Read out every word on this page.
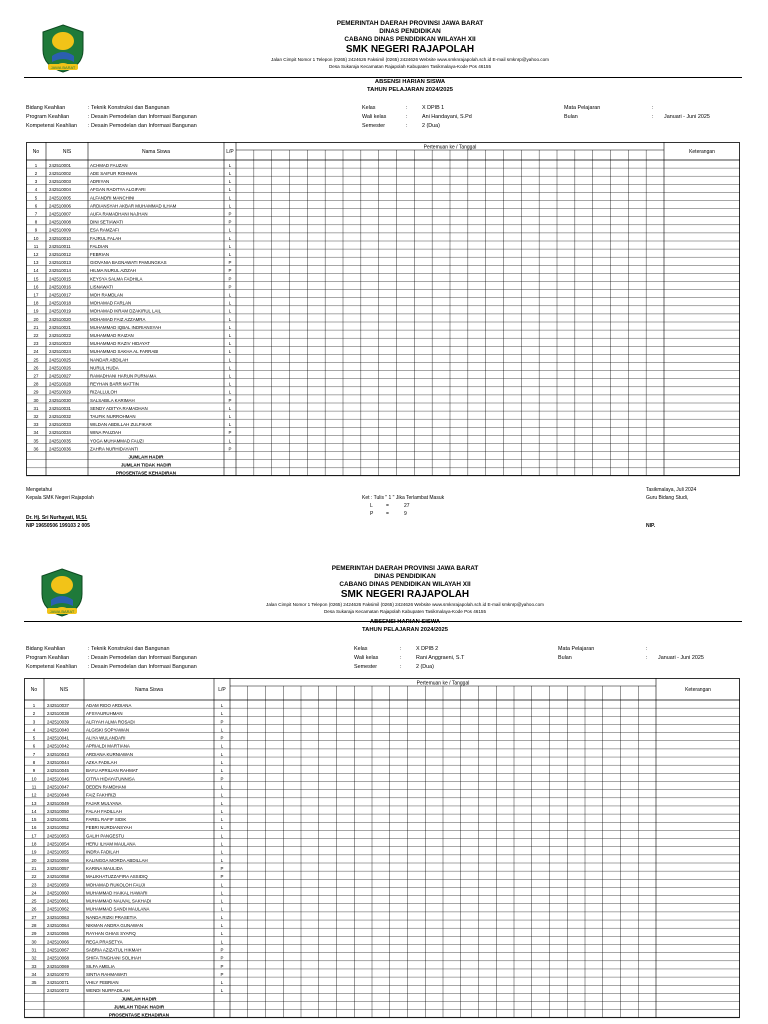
JAWA BARAT
PEMERINTAH DAERAH PROVINSI JAWA BARAT
DINAS PENDIDIKAN
CABANG DINAS PENDIDIKAN WILAYAH XII
SMK NEGERI RAJAPOLAH
Jalan Cimpit Nomor 1 Telepon (0265) 2424626 Faksimil (0265) 2424626 Website www.smknrajapolah.sch.id E-mail smknrp@yahoo.com
Desa Sukaraja Kecamatan Rajapolah Kabupaten Tasikmalaya-Kode Pos 46155
ABSENSI HARIAN SISWA
TAHUN PELAJARAN 2024/2025
Bidang Keahlian	: Teknik Konstruksi dan Bangunan
Program Keahlian	: Desain Pemodelan dan Informasi Bangunan
Kompetensi Keahlian : Desain Pemodelan dan Informasi Bangunan
Kelas	:	X DPIB 1
Wali kelas	:	Ani Handayani, S.Pd
Semester	:	2 (Dua)
Mata Pelajaran	:
Bulan	: Januari - Juni 2025
No	NIS	Nama Siswa	L/P
Pertemuan ke / Tanggal
Keterangan
1	242510001	ACHMAD FAUZAN	L
2	242510002	ADE SAIFUR ROHMAN	L
3	242510003	ADRIYAN	L
4	242510004	AFGAN RADITYA ALGIFARI	L
5	242510005	ALFANDRI MANCHINI	L
6	242510006	ARDIANSYAH AKBAR MUHAMMAD ILHAM	L
7	242510007	AUFA RAMADHANI NAJHAN	P
8	242510008	DINI SETIAWATI	P
9	242510009	ESA RAMZAFI	L
10 242510010	FAJRUL FALAH	L
11 242510011	FALDIAN	L
12 242510012	FEBRIAN	L
13 242510013	GIOVANIA BAGNAWATI PAMUNGKAS	P
14 242510014	HILMA NURUL AZIZAH	P
15 242510015	KEYSYA SALMA FADHILA	P
16 242510016	LISNAWATI	P
17 242510017	MOH RAMDLAN	L
18 242510018	MOHAMAD FARLAN	L
19 242510019	MOHAMAD IKRAM DZAKIRUL LAIL	L
20 242510020	MOHAMAD FAIZ AZZAMRA	L
21 242510021	MUHAMMAD IQBAL INDRIANSYAH	L
22 242510022	MUHAMMAD RAIZAN	L
23 242510023	MUHAMMAD RAZIV HIDAYAT	L
24 242510024	MUHAMMAD SAKHA AL FARRABI	L
25 242510025	NANDAR ABDILAH	L
26 242510026	NURUL HUDA	L
27 242510027	RAMADHANI HARUN PURNAMA	L
28 242510028	REYHAN BARR MATTIN	L
29 242510029	RIZALLULOH	L
30 242510030	SALSABILA KARIMAH	P
31 242510031	SENDY ADITYA RAMADHAN	L
32 242510032	TAUFIK NURROHMAN	L
33 242510033	WILDAN ABDILLAH ZULFIKAR	L
34 242510034	WINA PAUZIAH	P
35 242510035	YOGA MUHAMMAD FAUZI	L
36 242510036	ZAHRA NURHIDAYANTI	P
JUMLAH HADIR
JUMLAH TIDAK HADIR
PROSENTASE KEHADIRAN
Mengetahui
Kepala SMK Negeri Rajapolah
Dr. Hj. Sri Nurhayati, M.Si.
NIP 19650506 199103 2 005
Ket : Tulis " 1 " Jika Terlambat Masuk
L	=	27
P	=	9
Tasikmalaya, Juli 2024
Guru Bidang Studi,
NIP.
JAWA BARAT
PEMERINTAH DAERAH PROVINSI JAWA BARAT
DINAS PENDIDIKAN
CABANG DINAS PENDIDIKAN WILAYAH XII
SMK NEGERI RAJAPOLAH
Jalan Cimpit Nomor 1 Telepon (0265) 2424626 Faksimil (0265) 2424626 Website www.smknrajapolah.sch.id E-mail smknrp@yahoo.com
Desa Sukaraja Kecamatan Rajapolah Kabupaten Tasikmalaya-Kode Pos 46155
ABSENSI HARIAN SISWA
TAHUN PELAJARAN 2024/2025
Bidang Keahlian	: Teknik Konstruksi dan Bangunan
Program Keahlian	: Desain Pemodelan dan Informasi Bangunan
Kompetensi Keahlian : Desain Pemodelan dan Informasi Bangunan
Kelas	:	X DPIB 2
Wali kelas	:	Rani Anggraeni, S.T
Semester	:	2 (Dua)
Mata Pelajaran	:
Bulan	: Januari - Juni 2025
No	NIS	Nama Siswa	L/P
Pertemuan ke / Tanggal
Keterangan
1	242510037	ADAM RIDO ARDIANA	L
2	242510038	AFSYAURUHMAN	L
3	242510039	ALFIYAH ALMA ROSADI	P
4	242510040	ALGISKI SOPYAWAN	L
5	242510041	ALIYA WULANDARI	P
6	242510042	APRIALDI MARTIANA	L
7	242510043	ARDIANA KURNIAWAN	L
8	242510044	AZKA FADILAH	L
9	242510045	BAYU APRILIAN RAHMAT	L
10 242510046	CITRA HIDAYATUNNISA	P
11 242510047	DEDEN RAMDHANI	L
12 242510048	FAIZ FAKHRIZI	L
13 242510049	FAJAR MULYANA	L
14 242510050	FALAH FADILLAH	L
15 242510051	FAREL RAFIF SIDIK	L
16 242510052	FEBRI NURDIANSYAH	L
17 242510053	GALIH PANGESTU	L
18 242510054	HERU ILHAM MAULANA	L
19 242510055	INDRA FADILAH	L
20 242510056	KALINGGA MORDA ABDILLAH	L
21 242510057	KARINA MAULIDA	P
22 242510058	MALIKHATUZZAFIRA ASSIDIQ	P
23 242510059	MOHAMAD RUKOLOH FAUJI	L
24 242510060	MUHAMMAD HAIKAL HAWARI	L
25 242510061	MUHAMMAD NAUVAL SAKHADI	L
26 242510062	MUHAMMAD SANDI MAULANA	L
27 242510063	NANDA RIZKI PRASETIA	L
28 242510064	NIKMAN ANDRA GUNAWAN	L
29 242510065	RAYHAN GHIAS SYAFIQ	L
30 242510066	REGA PRASETYA	L
31 242510067	SABRIA AZIZATUL HIKMAH	P
32 242510068	SHIFA TINGHANI SOLIHAH	P
33 242510069	SILFA AMELIA	P
34 242510070	SINTIA RAHMAWATI	P
35 242510071	VHILY FEBRIAN	L
242510072	WENDI NURFADILAH	L
JUMLAH HADIR
JUMLAH TIDAK HADIR
PROSENTASE KEHADIRAN
